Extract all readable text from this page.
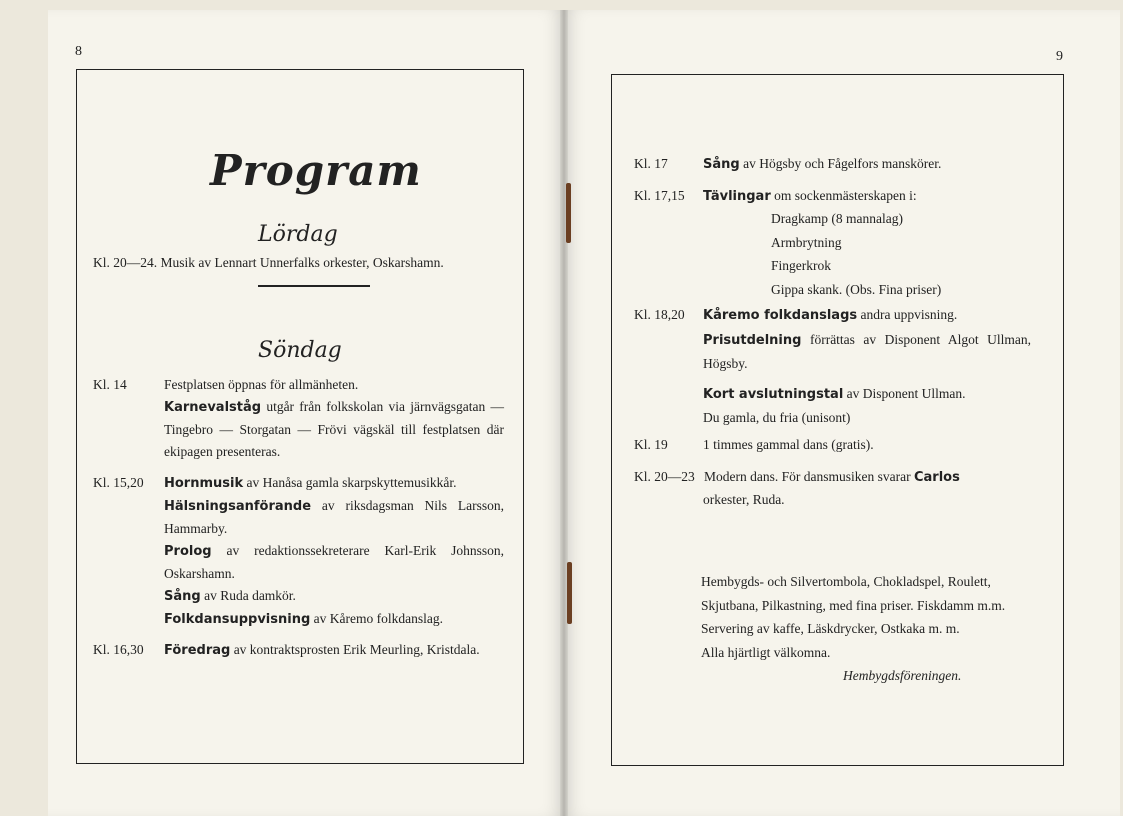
8	9
Program
Lördag
Kl. 20—24. Musik av Lennart Unnerfalks orkester, Oskarshamn.
Söndag
Kl. 14	Festplatsen öppnas för allmänheten.
Karnevalståg utgår från folkskolan via järnvägsgatan — Tingebro — Storgatan — Frövi vägskäl till festplatsen där ekipagen presenteras.
Kl. 15,20 Hornmusik av Hanåsa gamla skarpskyttemusikkår.
Hälsningsanförande av riksdagsman Nils Larsson, Hammarby.
Prolog av redaktionssekreterare Karl-Erik Johnsson, Oskarshamn.
Sång av Ruda damkör.
Folkdansuppvisning av Kåremo folkdanslag.
Kl. 16,30 Föredrag av kontraktsprosten Erik Meurling, Kristdala.
Kl. 17	Sång av Högsby och Fågelfors manskörer.
Kl. 17,15 Tävlingar om sockenmästerskapen i:
Dragkamp (8 mannalag)
Armbrytning
Fingerkrok
Gippa skank. (Obs. Fina priser)
Kl. 18,20 Kåremo folkdanslags andra uppvisning.
Prisutdelning förrättas av Disponent Algot Ullman, Högsby.
Kort avslutningstal av Disponent Ullman.
Du gamla, du fria (unisont)
Kl. 19	1 timmes gammal dans (gratis).
Kl. 20—23 Modern dans. För dansmusiken svarar Carlos
orkester, Ruda.
Hembygds- och Silvertombola, Chokladspel, Roulett,
Skjutbana, Pilkastning, med fina priser. Fiskdamm m.m.
Servering av kaffe, Läskdrycker, Ostkaka m. m.
Alla hjärtligt välkomna.
Hembygdsföreningen.
